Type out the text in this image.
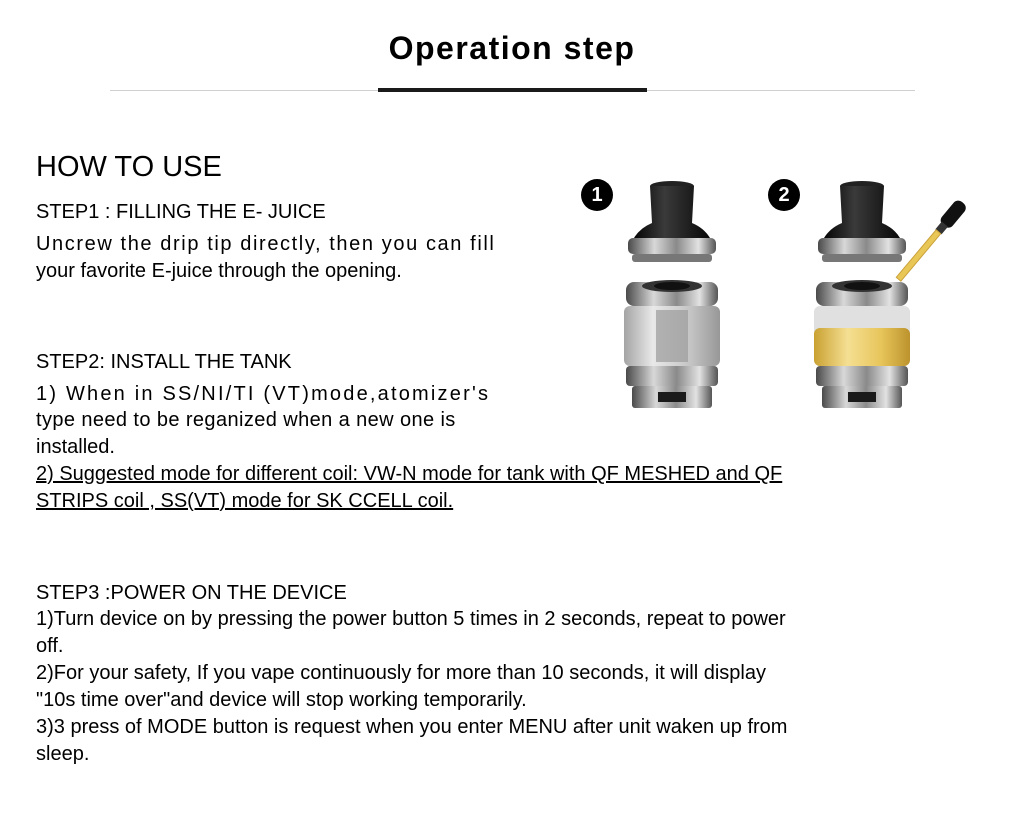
Operation step
HOW TO USE
STEP1 : FILLING THE E- JUICE
Uncrew the drip tip directly, then you can fill
your favorite E-juice through the opening.
STEP2: INSTALL THE TANK
1) When in SS/NI/TI (VT)mode,atomizer's
type need to be reganized when a new one is
installed.
2) Suggested mode for different coil: VW-N mode for tank with QF MESHED and QF
STRIPS coil , SS(VT) mode for SK CCELL coil.
STEP3 :POWER ON THE DEVICE
1)Turn device on by pressing the power button 5 times in 2 seconds, repeat to power
off.
2)For your safety, If you vape continuously for more than 10 seconds, it will display
"10s time over"and device will stop working temporarily.
3)3 press of MODE button is request when you enter MENU after unit waken up from
sleep.
1	2
